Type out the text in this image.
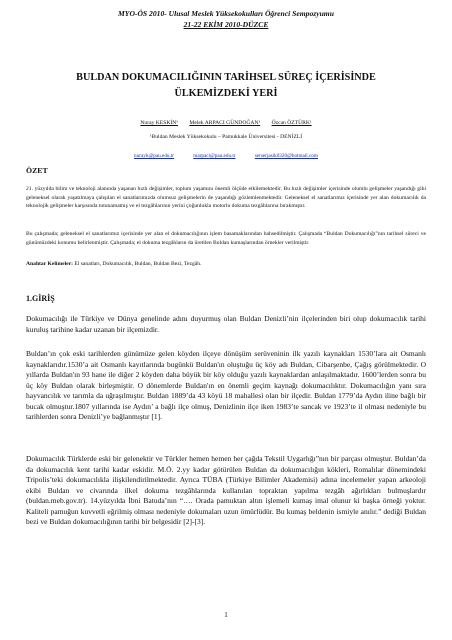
MYO-ÖS 2010- Ulusal Meslek Yüksekokulları Öğrenci Sempozyumu
21-22 EKİM 2010-DÜZCE
BULDAN DOKUMACILIĞININ TARİHSEL SÜREÇ İÇERİSİNDE
ÜLKEMİZDEKİ YERİ
Nuray KESKİN¹ Melek ARPACI GÜNDOĞAN¹ Özcan ÖZTÜRK¹
¹Buldan Meslek Yüksekokulu – Pamukkale Üniversitesi - DENİZLİ
nurayk@pau.edu.tr	marpaci@pau.edu.tr	serserjasik0320@hotmail.com
ÖZET
21. yüzyılda bilim ve teknoloji alanında yaşanan hızlı değişimler, toplum yaşamını önemli ölçüde etkilemektedir. Bu hızlı değişimler içerisinde olumlu gelişmeler yaşandığı gibi geleneksel olarak yaşatılmaya çalışılan el sanatlarımızda olumsuz gelişmelerin de yaşandığı gözlemlenmektedir. Geleneksel el sanatlarımız içerisinde yer alan dokumacılık da teknolojik gelişmeler karşısında tutunamamış ve el tezgâhlarının yerini çoğunlukla motorlu dokuma tezgâhlarına bırakmıştır.
Bu çalışmada; geleneksel el sanatlarımız içerisinde yer alan el dokumacılığının işlem basamaklarından bahsedilmiştir. Çalışmada “Buldan Dokumacılığı”nın tarihsel süreci ve günümüzdeki konumu belirlenmiştir. Çalışmada; el dokuma tezgâhların da üretilen Buldan kumaşlarından örnekler verilmiştir.
Anahtar Kelimeler: El sanatları, Dokumacılık, Buldan, Buldan Bezi, Tezgâh.
1.GİRİŞ
Dokumacılığı ile Türkiye ve Dünya genelinde adını duyurmuş olan Buldan Denizli’nin ilçelerinden biri olup dokumacılık tarihi kuruluş tarihine kadar uzanan bir ilçemizdir.
Buldan’ın çok eski tarihlerden günümüze gelen köyden ilçeye dönüşüm serüveninin ilk yazılı kaynakları 1530’lara ait Osmanlı kaynaklarıdır.1530’a ait Osmanlı kayıtlarında bugünkü Buldan'ın oluştuğu üç köy adı Buldan, Cibarşenbe, Çağış görülmektedir. O yıllarda Buldan'ın 93 hane ile diğer 2 köyden daha büyük bir köy olduğu yazılı kaynaklardan anlaşılmaktadır. 1600’lerden sonra bu üç köy Buldan olarak birleşmiştir. O dönemlerde Buldan'ın en önemli geçim kaynağı dokumacılıktır. Dokumacılığın yanı sıra hayvancılık ve tarımla da uğraşılmıştır. Buldan 1889’da 43 köyü 18 mahallesi olan bir ilçedir. Buldan 1779’da Aydın iline bağlı bir bucak olmuştur.1807 yıllarında ise Aydın’ a bağlı ilçe olmuş, Denizlinin ilçe iken 1983’te sancak ve 1923’te il olması nedeniyle bu tarihlerden sonra Denizli’ye bağlanmıştır [1].
Dokumacılık Türklerde eski bir gelenektir ve Türkler hemen hemen her çağda Tekstil Uygarlığı”nın bir parçası olmuştur. Buldan’da da dokumacılık kent tarihi kadar eskidir. M.Ö. 2.yy kadar götürülen Buldan da dokumacılığın kökleri, Romalılar dönemindeki Tripolis’teki dokumacılıkla ilişkilendirilmektedir. Ayrıca TÜBA (Türkiye Bilimler Akademisi) adına incelemeler yapan arkeoloji ekibi Buldan ve civarında ilkel dokuma tezgâhlarında kullanılan topraktan yapılma tezgâh ağırlıkları bulmuşlardır (buldan.meb.gov.tr). 14.yüzyılda İbni Batuda’nın “…. Orada pamuktan altın işlemeli kumaş imal olunur ki başka örneği yoktur. Kaliteli pamuğun kuvvetli eğrilmiş olması nedeniyle dokumaları uzun ömürlüdür. Bu kumaş beldenin ismiyle anılır.” dediği Buldan bezi ve Buldan dokumacılığının tarihi bir belgesidir [2]-[3].
1
